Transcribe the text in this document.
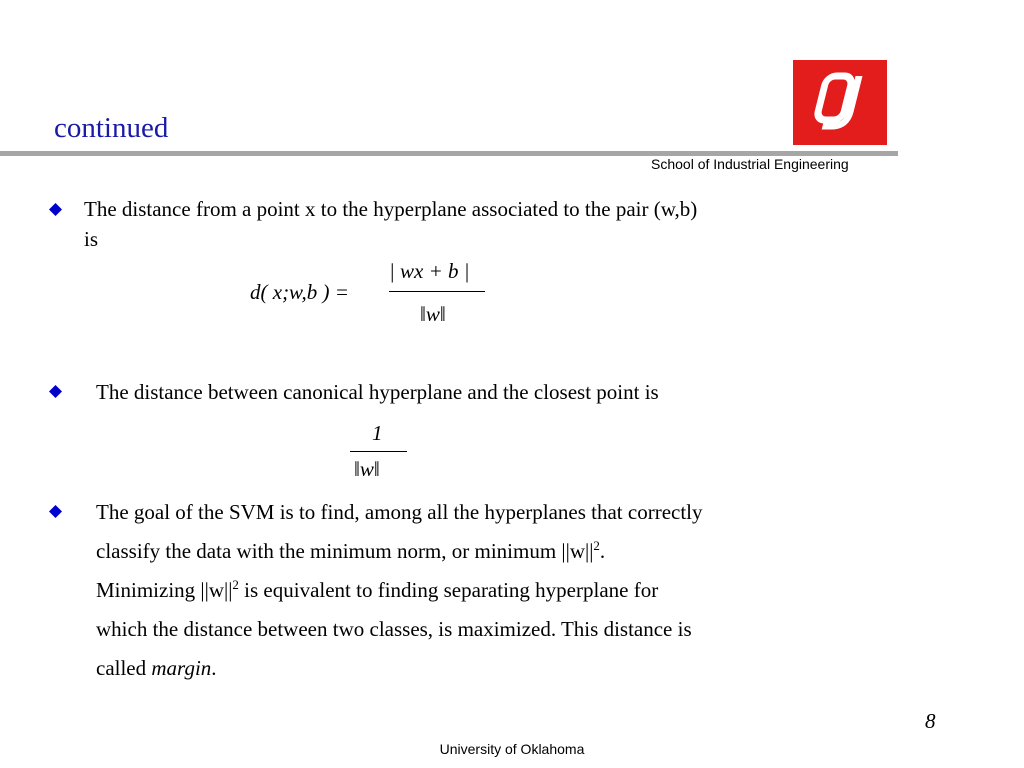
continued
School of Industrial Engineering
The distance from a point x to the hyperplane associated to the pair (w,b)
is
d( x;w,b ) =
| wx + b |
‖w‖
The distance between canonical hyperplane and the closest point is
1
‖w‖
The goal of the SVM is to find, among all the hyperplanes that correctly
classify the data with the minimum norm, or minimum $||w||^2$.
Minimizing $||w||^2$ is equivalent to finding separating hyperplane for
which the distance between two classes, is maximized. This distance is
called margin.
8
University of Oklahoma
